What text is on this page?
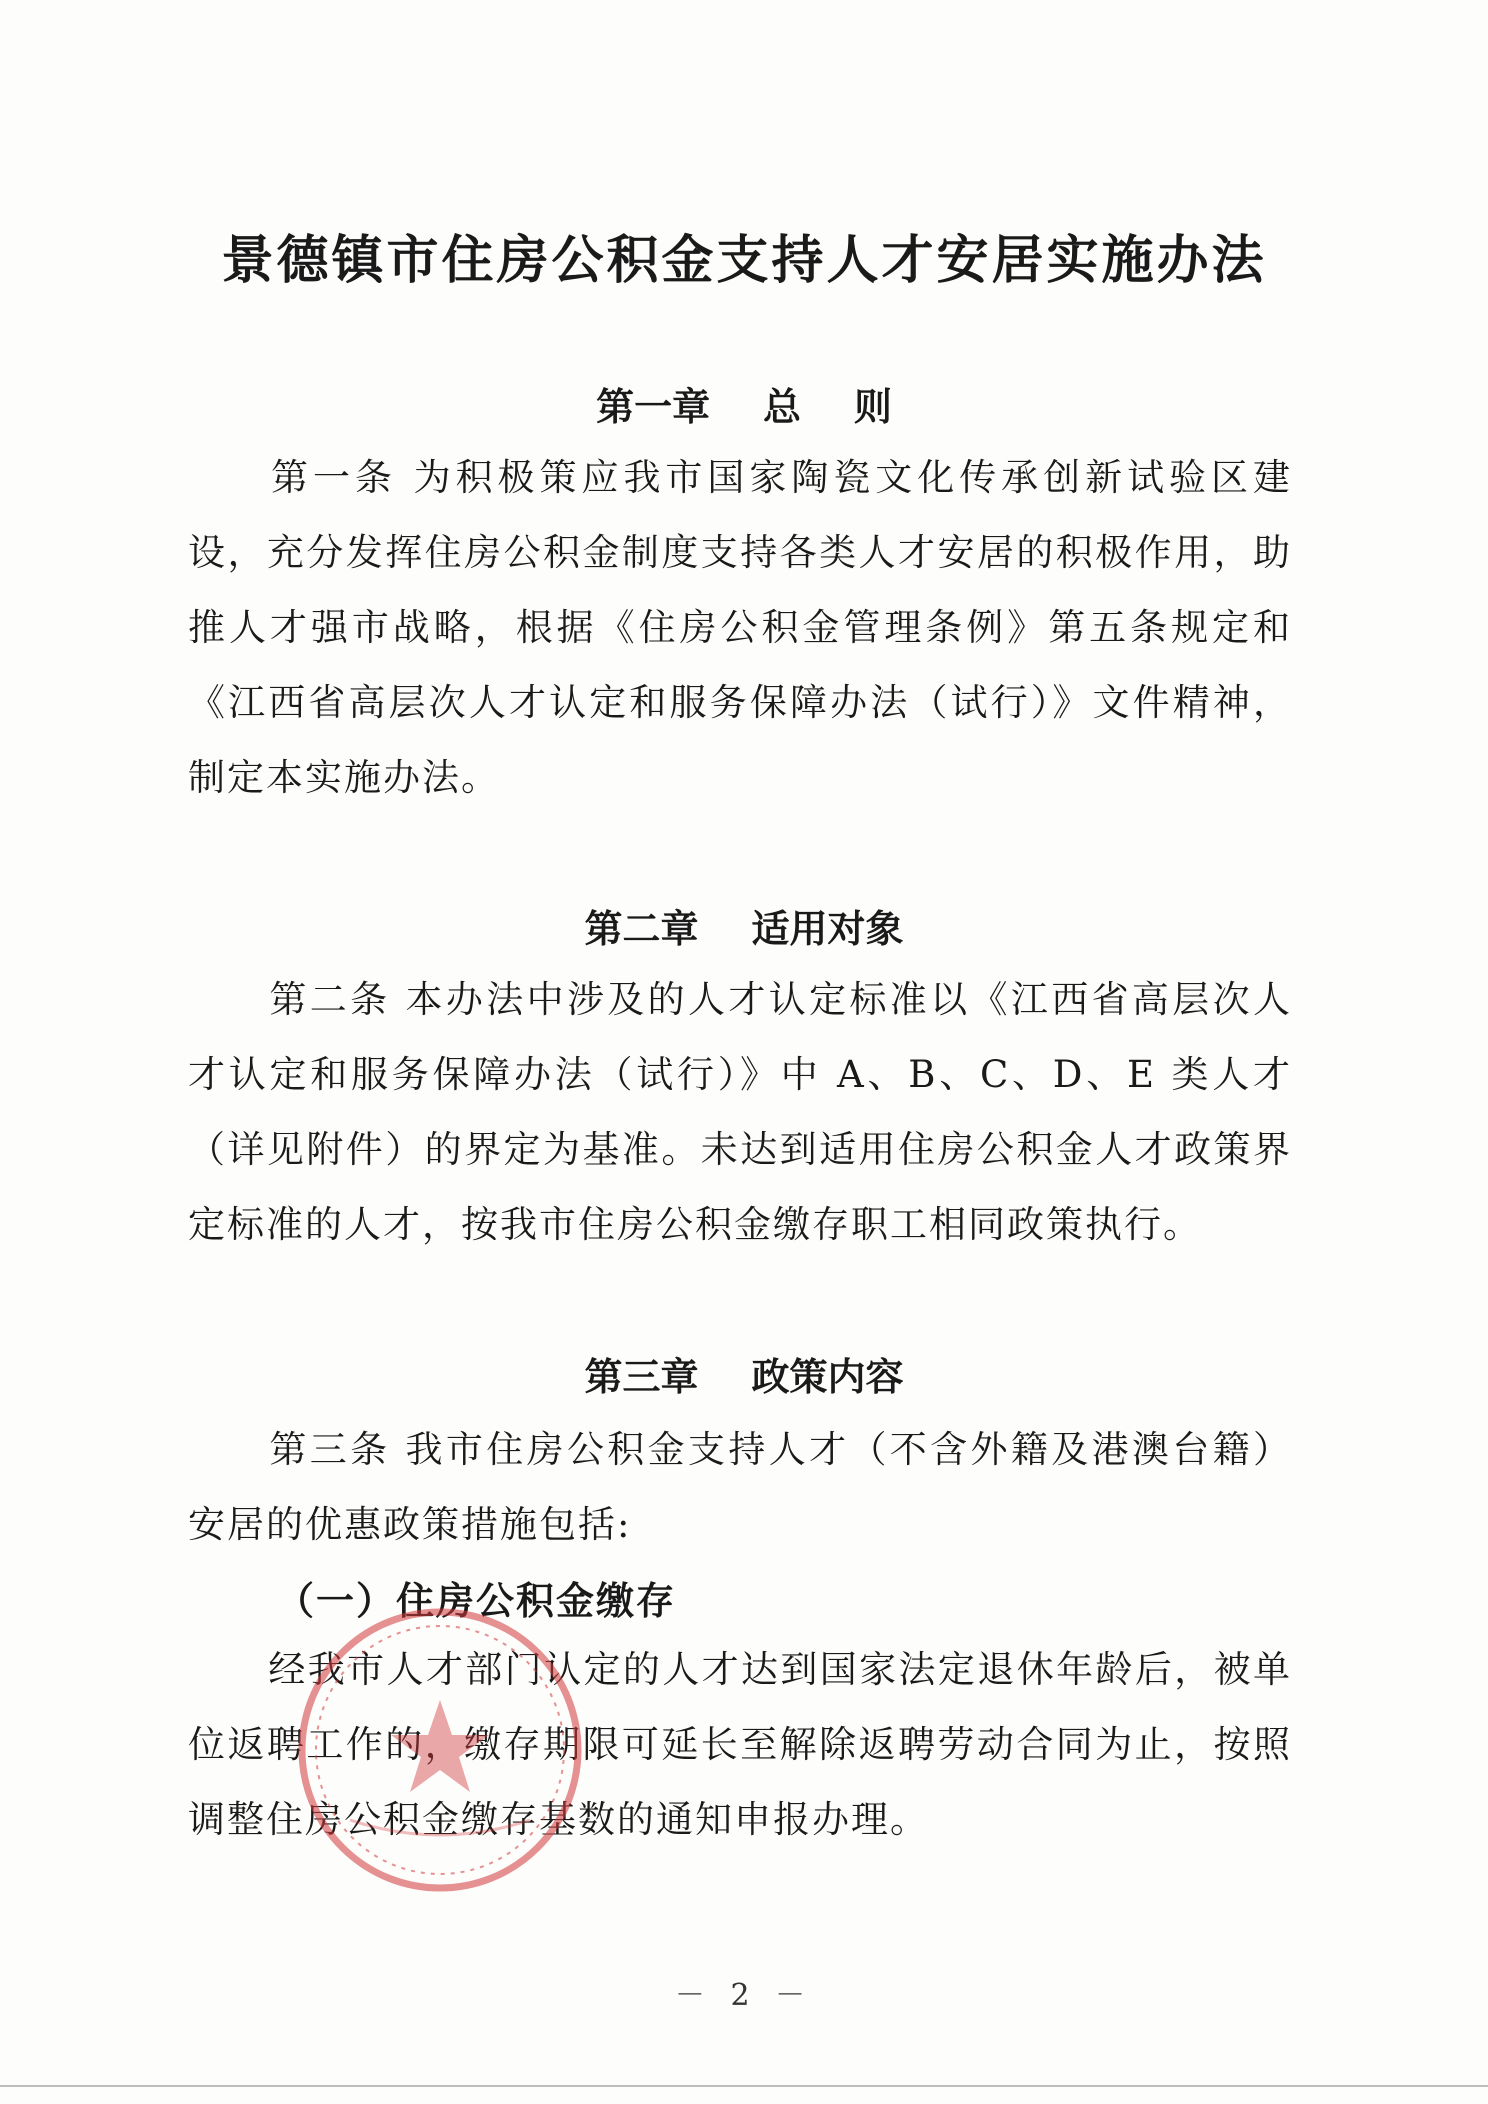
景德镇市住房公积金支持人才安居实施办法
第一章    总    则
第一条 为积极策应我市国家陶瓷文化传承创新试验区建设，充分发挥住房公积金制度支持各类人才安居的积极作用，助推人才强市战略，根据《住房公积金管理条例》第五条规定和《江西省高层次人才认定和服务保障办法（试行）》文件精神，制定本实施办法。
第二章    适用对象
第二条 本办法中涉及的人才认定标准以《江西省高层次人才认定和服务保障办法（试行）》中 A、B、C、D、E 类人才（详见附件）的界定为基准。未达到适用住房公积金人才政策界定标准的人才，按我市住房公积金缴存职工相同政策执行。
第三章    政策内容
第三条 我市住房公积金支持人才（不含外籍及港澳台籍）安居的优惠政策措施包括:
（一）住房公积金缴存
经我市人才部门认定的人才达到国家法定退休年龄后，被单位返聘工作的，缴存期限可延长至解除返聘劳动合同为止，按照调整住房公积金缴存基数的通知申报办理。
－ 2 －
